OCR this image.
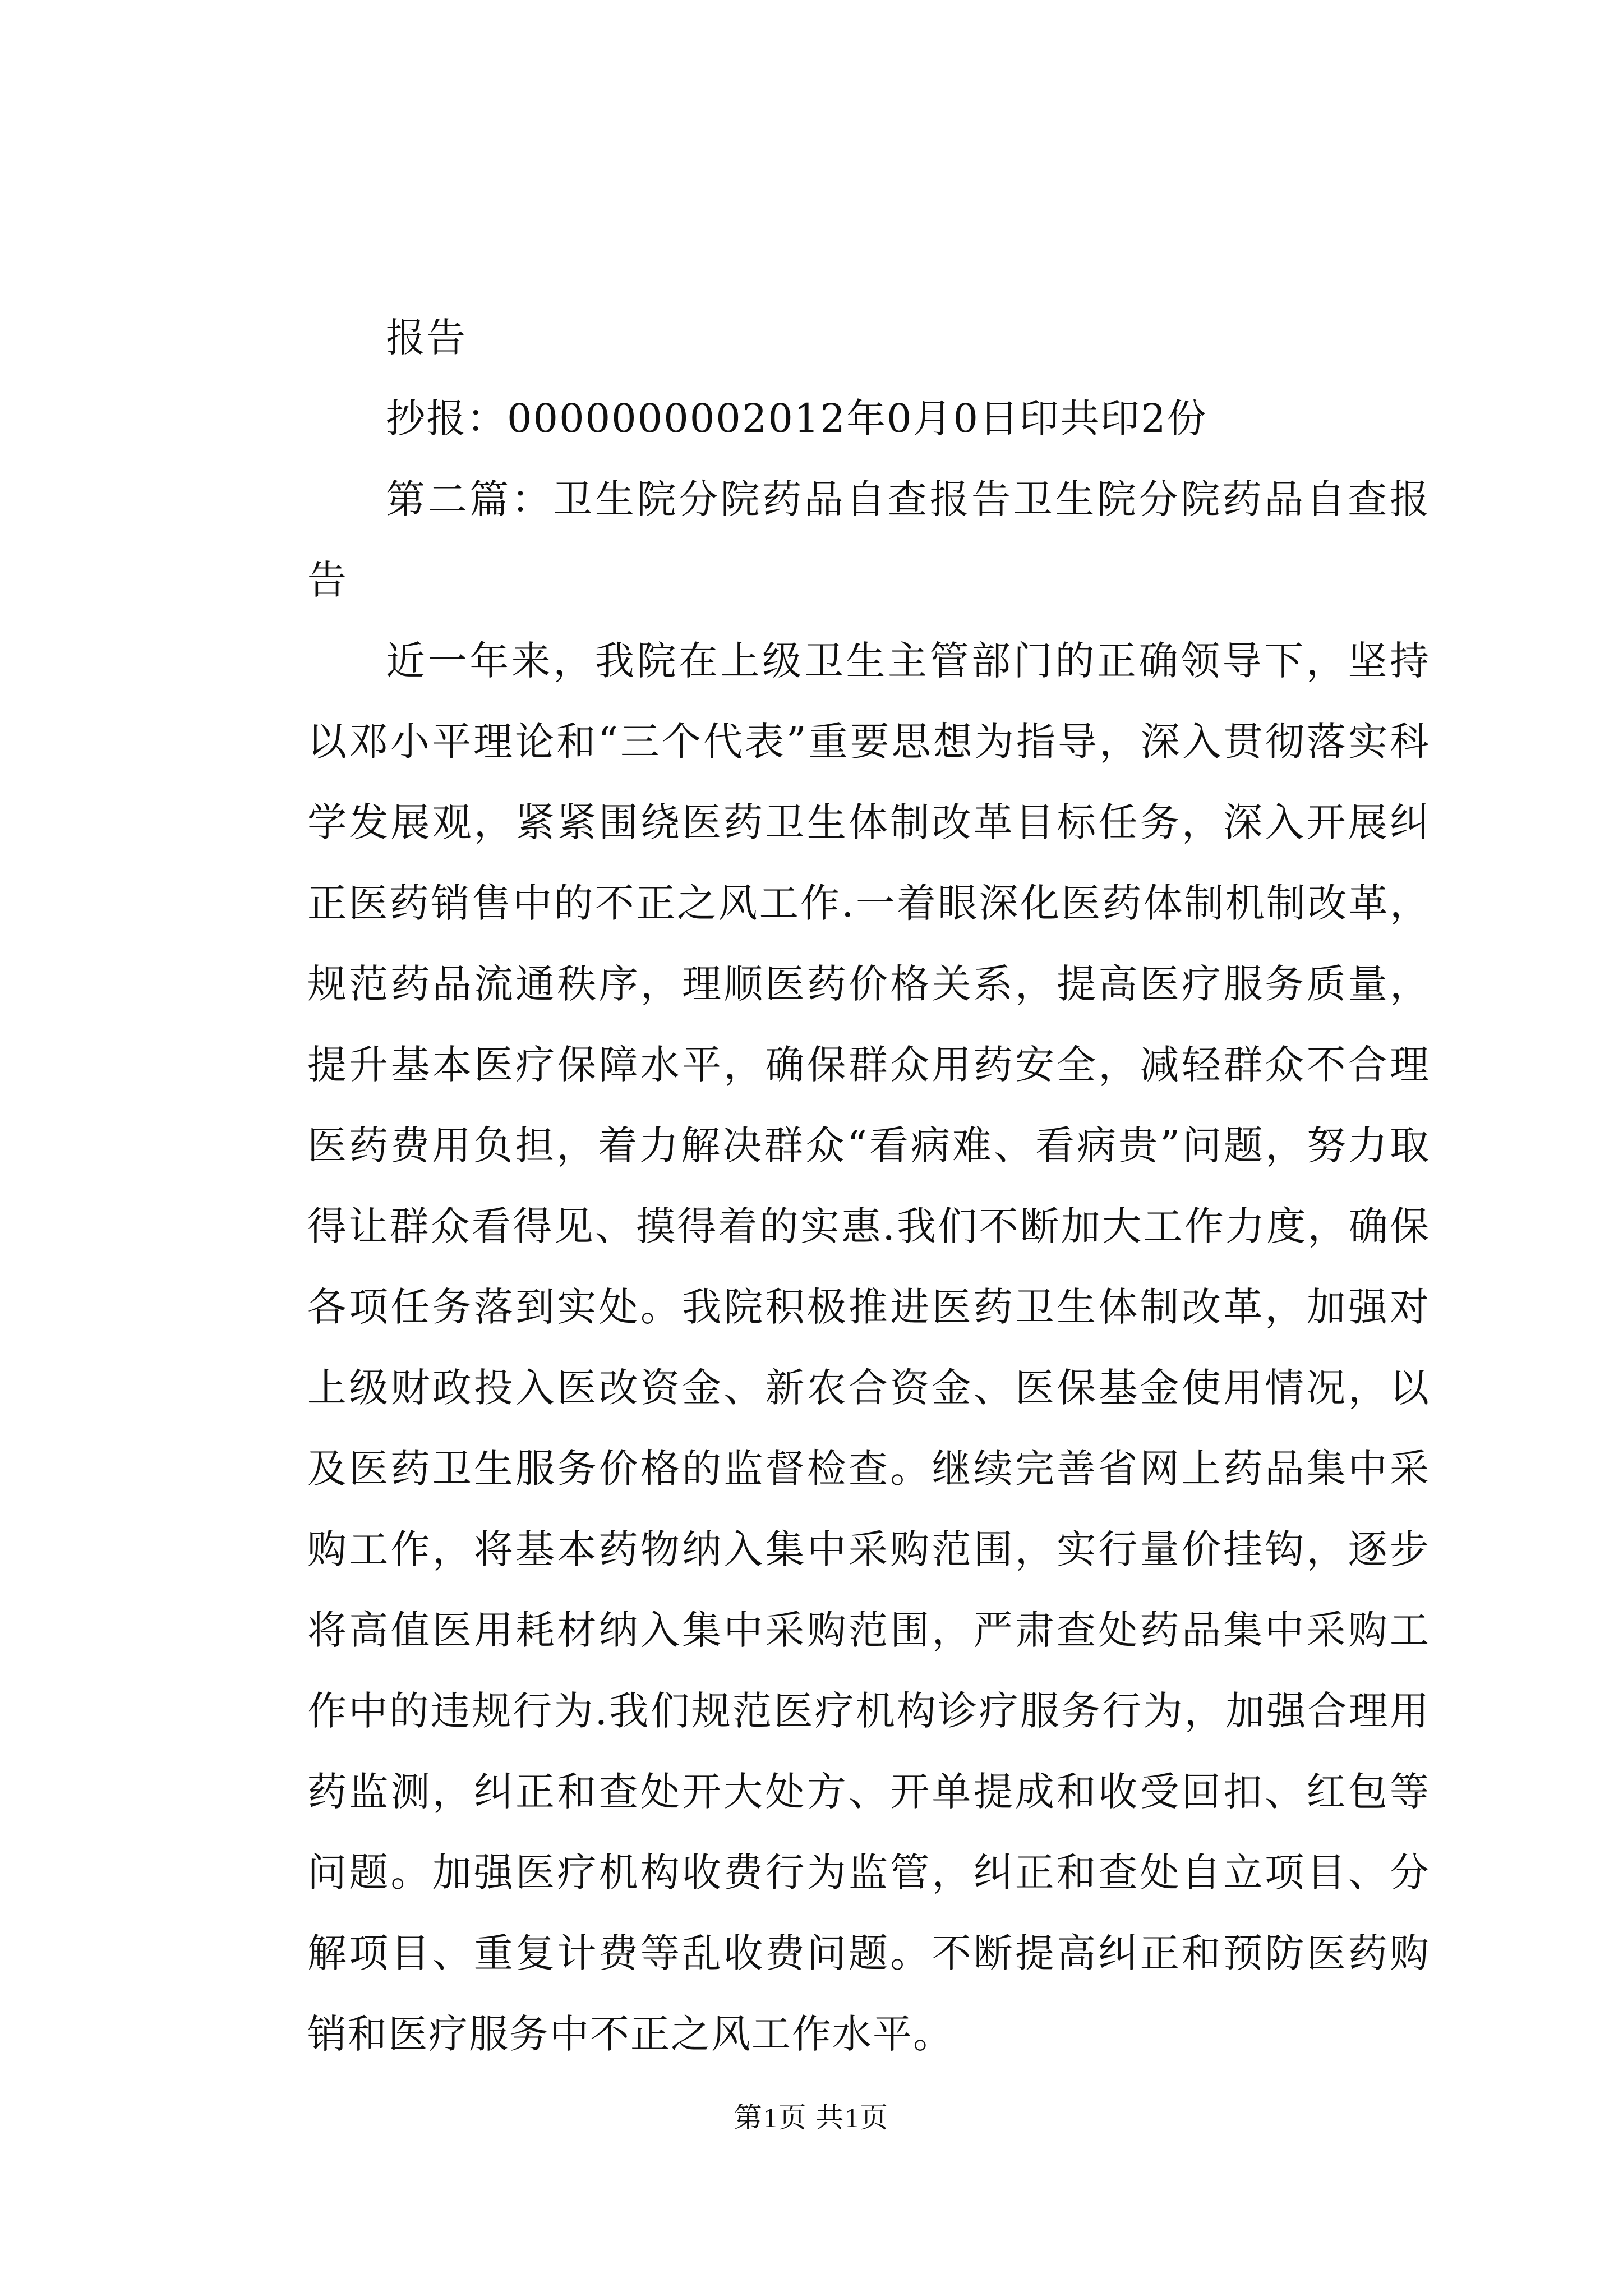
报告

抄报：0000000002012年0月0日印共印2份

第二篇：卫生院分院药品自查报告卫生院分院药品自查报告

近一年来，我院在上级卫生主管部门的正确领导下，坚持以邓小平理论和“三个代表”重要思想为指导，深入贯彻落实科学发展观，紧紧围绕医药卫生体制改革目标任务，深入开展纠正医药销售中的不正之风工作.一着眼深化医药体制机制改革，规范药品流通秩序，理顺医药价格关系，提高医疗服务质量，提升基本医疗保障水平，确保群众用药安全，减轻群众不合理医药费用负担，着力解决群众“看病难、看病贵”问题，努力取得让群众看得见、摸得着的实惠.我们不断加大工作力度，确保各项任务落到实处。我院积极推进医药卫生体制改革，加强对上级财政投入医改资金、新农合资金、医保基金使用情况，以及医药卫生服务价格的监督检查。继续完善省网上药品集中采购工作，将基本药物纳入集中采购范围，实行量价挂钩，逐步将高值医用耗材纳入集中采购范围，严肃查处药品集中采购工作中的违规行为.我们规范医疗机构诊疗服务行为，加强合理用药监测，纠正和查处开大处方、开单提成和收受回扣、红包等问题。加强医疗机构收费行为监管，纠正和查处自立项目、分解项目、重复计费等乱收费问题。不断提高纠正和预防医药购销和医疗服务中不正之风工作水平。

第1页 共1页
